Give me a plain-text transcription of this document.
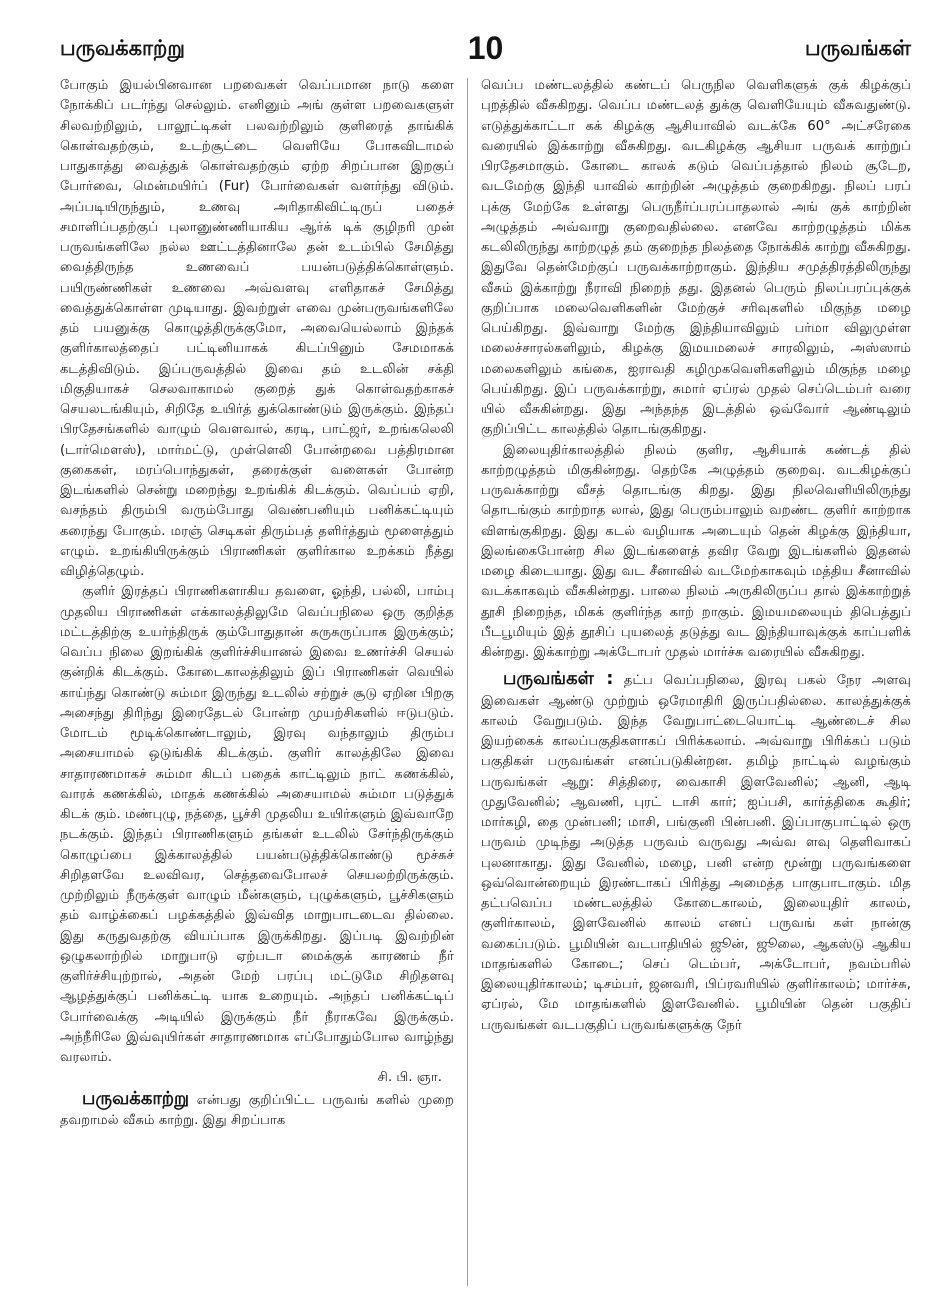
பருவக்காற்று	10	பருவங்கள்

போகும் இயல்பினவான பறவைகள் வெப்பமான நாடு களை நோக்கிப் படர்ந்து செல்லும். எனினும் அங் குள்ள பறவைகளுள் சிலவற்றிலும், பாலூட்டிகள் பலவற்றிலும் குளிரைத் தாங்கிக் கொள்வதற்கும், உடற்சூட்டை வெளியே போகவிடாமல் பாதுகாத்து வைத்துக் கொள்வதற்கும் ஏற்ற சிறப்பான இறகுப் போர்வை, மென்மயிர்ப் (Fur) போர்வைகள் வளர்ந்து விடும். அப்படியிருந்தும், உணவு அரிதாகிவிட்டிருப் பதைச் சமாளிப்பதற்குப் புலானுண்ணியாகிய ஆர்க் டிக் குழிநரி முன் பருவங்களிலே நல்ல ஊட்டத்தினாலே தன் உடம்பில் சேமித்து வைத்திருந்த உணவைப் பயன்படுத்திக்கொள்ளும். பயிருண்ணிகள் உணவை அவ்வளவு எளிதாகச் சேமித்து வைத்துக்கொள்ள முடியாது. இவற்றுள் எவை முன்பருவங்களிலே தம் பயனுக்கு கொழுத்திருக்குமோ, அவையெல்லாம் இந்தக் குளிர்காலத்தைப் பட்டினியாகக் கிடப்பினும் சேமமாகக் கடத்திவிடும். இப்பருவத்தில் இவை தம் உடலின் சக்தி மிகுதியாகச் செலவாகாமல் குறைத் துக் கொள்வதற்காகச் செயலடங்கியும், சிறிதே உயிர்த் துக்கொண்டும் இருக்கும். இந்தப் பிரதேசங்களில் வாழும் வௌவால், கரடி, பாட்ஜர், உறங்கலெலி (டார்மௌஸ்), மார்மட்டு, முள்ளெலி போன்றவை பத்திரமான குகைகள், மரப்பொந்துகள், தரைக்குள் வளைகள் போன்ற இடங்களில் சென்று மறைந்து உறங்கிக் கிடக்கும். வெப்பம் ஏறி, வசந்தம் திரும்பி வரும்போது வெண்பனியும் பனிக்கட்டியும் கரைந்து போகும். மரஞ் செடிகள் திரும்பத் தளிர்த்தும் மூளைத்தும் எழும். உறங்கியிருக்கும் பிராணிகள் குளிர்கால உறக்கம் நீத்து விழித்தெழும்.

குளிர் இரத்தப் பிராணிகளாகிய தவளை, ஓந்தி, பல்லி, பாம்பு முதலிய பிராணிகள் எக்காலத்திலுமே வெப்பநிலை ஒரு குறித்த மட்டத்திற்கு உயர்ந்திருக் கும்போதுதான் சுருசுருப்பாக இருக்கும்; வெப்ப நிலை இறங்கிக் குளிர்ச்சியானல் இவை உணர்ச்சி செயல் குன்றிக் கிடக்கும். கோடைகாலத்திலும் இப் பிராணிகள் வெயில் காய்ந்து கொண்டு சும்மா இருந்து உடலில் சற்றுச் சூடு ஏறின பிறகு அசைந்து திரிந்து இரைதேடல் போன்ற முயற்சிகளில் ஈடுபடும். மோடம் மூடிக்கொண்டாலும், இரவு வந்தாலும் திரும்ப அசையாமல் ஒடுங்கிக் கிடக்கும். குளிர் காலத்திலே இவை சாதாரணமாகச் சும்மா கிடப் பதைக் காட்டிலும் நாட் கணக்கில், வாரக் கணக்கில், மாதக் கணக்கில் அசையாமல் சும்மா படுத்துக் கிடக் கும். மண்புழு, நத்தை, பூச்சி முதலிய உயிர்களும் இவ்வாறே நடக்கும். இந்தப் பிராணிகளும் தங்கள் உடலில் சேர்ந்திருக்கும் கொழுப்பை இக்காலத்தில் பயன்படுத்திக்கொண்டு மூச்சுச் சிறிதளவே உலவிவர, செத்தவைபோலச் செயலற்றிருக்கும். முற்றிலும் நீருக்குள் வாழும் மீன்களும், புழுக்களும், பூச்சிகளும் தம் வாழ்க்கைப் பழக்கத்தில் இவ்வித மாறுபாடடைவ தில்லை. இது கருதுவதற்கு வியப்பாக இருக்கிறது. இப்படி இவற்றின் ஒழுகலாற்றில் மாறுபாடு ஏற்படா மைக்குக் காரணம் நீர் குளிர்ச்சியுற்றால், அதன் மேற் பரப்பு மட்டுமே சிறிதளவு ஆழத்துக்குப் பனிக்கட்டி யாக உறையும். அந்தப் பனிக்கட்டிப் போர்வைக்கு அடியில் இருக்கும் நீர் நீராகவே இருக்கும். அந்நீரிலே இவ்வுயிர்கள் சாதாரணமாக எப்போதும்போல வாழ்ந்து வரலாம்.

சி. பி. ஞா.

பருவக்காற்று என்பது குறிப்பிட்ட பருவங் களில் முறை தவறாமல் வீசும் காற்று. இது சிறப்பாக

வெப்ப மண்டலத்தில் கண்டப் பெருநில வெளிகளுக் குக் கிழக்குப் புறத்தில் வீசுகிறது. வெப்ப மண்டலத் துக்கு வெளியேயும் வீசுவதுண்டு. எடுத்துக்காட்டா கக் கிழக்கு ஆசியாவில் வடக்கே 60° அட்சரேகை வரையில் இக்காற்று வீசுகிறது. வடகிழக்கு ஆசியா பருவக் காற்றுப் பிரதேசமாகும். கோடை காலக் கடும் வெப்பத்தால் நிலம் சூடேற, வடமேற்கு இந்தி யாவில் காற்றின் அழுத்தம் குறைகிறது. நிலப் பரப் புக்கு மேற்கே உள்ளது பெருநீர்ப்பரப்பாதலால் அங் குக் காற்றின் அழுத்தம் அவ்வாறு குறைவதில்லை. எனவே காற்றழுத்தம் மிக்க கடலிலிருந்து காற்றழுத் தம் குறைந்த நிலத்தை நோக்கிக் காற்று வீசுகிறது. இதுவே தென்மேற்குப் பருவக்காற்றாகும். இந்திய சமுத்திரத்திலிருந்து வீசும் இக்காற்று நீராவி நிறைந் தது. இதனல் பெரும் நிலப்பரப்புக்குக் குறிப்பாக மலைவெளிகளின் மேற்குச் சரிவுகளில் மிகுந்த மழை பெய்கிறது. இவ்வாறு மேற்கு இந்தியாவிலும் பர்மா விலுமுள்ள மலைச்சாரல்களிலும், கிழக்கு இமயமலைச் சாரலிலும், அஸ்ஸாம் மலைகளிலும் கங்கை, ஐராவதி கழிமுகவெளிகளிலும் மிகுந்த மழை பெய்கிறது. இப் பருவக்காற்று, சுமார் ஏப்ரல் முதல் செப்டெம்பர் வரை யில் வீசுகின்றது. இது அந்தந்த இடத்தில் ஒவ்வோர் ஆண்டிலும் குறிப்பிட்ட காலத்தில் தொடங்குகிறது.

இலையுதிர்காலத்தில் நிலம் குளிர, ஆசியாக் கண்டத் தில் காற்றழுத்தம் மிகுகின்றது. தெற்கே அழுத்தம் குறைவு. வடகிழக்குப் பருவக்காற்று வீசத் தொடங்கு கிறது. இது நிலவெளியிலிருந்து தொடங்கும் காற்றாத லால், இது பெரும்பாலும் வறண்ட குளிர் காற்றாக விளங்குகிறது. இது கடல் வழியாக அடையும் தென் கிழக்கு இந்தியா, இலங்கைபோன்ற சில இடங்களைத் தவிர வேறு இடங்களில் இதனல் மழை கிடையாது. இது வட சீனாவில் வடமேற்காகவும் மத்திய சீனாவில் வடக்காகவும் வீசுகின்றது. பாலை நிலம் அருகிலிருப்ப தால் இக்காற்றுத் தூசி நிறைந்த, மிகக் குளிர்ந்த காற் றாகும். இமயமலையும் திபெத்துப் பீடபூமியும் இத் தூசிப் புயலைத் தடுத்து வட இந்தியாவுக்குக் காப்பளிக் கின்றது. இக்காற்று அக்டோபர் முதல் மார்ச்சு வரையில் வீசுகிறது.

பருவங்கள் : தட்ப வெப்பநிலை, இரவு பகல் நேர அளவு இவைகள் ஆண்டு முற்றும் ஒரேமாதிரி இருப்பதில்லை. காலத்துக்குக் காலம் வேறுபடும். இந்த வேறுபாட்டையொட்டி ஆண்டைச் சில இயற்கைக் காலப்பகுதிகளாகப் பிரிக்கலாம். அவ்வாறு பிரிக்கப் படும் பகுதிகள் பருவங்கள் எனப்படுகின்றன. தமிழ் நாட்டில் வழங்கும் பருவங்கள் ஆறு: சித்திரை, வைகாசி இளவேனில்; ஆனி, ஆடி முதுவேனில்; ஆவணி, புரட் டாசி கார்; ஐப்பசி, கார்த்திகை கூதிர்; மார்கழி, தை முன்பனி; மாசி, பங்குனி பின்பனி. இப்பாகுபாட்டில் ஒரு பருவம் முடிந்து அடுத்த பருவம் வருவது அவ்வ ளவு தெளிவாகப் புலனாகாது. இது வேனில், மழை, பனி என்ற மூன்று பருவங்களை ஒவ்வொன்றையும் இரண்டாகப் பிரித்து அமைத்த பாகுபாடாகும். மித தட்பவெப்ப மண்டலத்தில் கோடைகாலம், இலையுதிர் காலம், குளிர்காலம், இளவேனில் காலம் எனப் பருவங் கள் நான்கு வகைப்படும். பூமியின் வடபாதியில் ஜூன், ஜூலை, ஆகஸ்டு ஆகிய மாதங்களில் கோடை; செப் டெம்பர், அக்டோபர், நவம்பரில் இலையுதிர்காலம்; டிசம்பர், ஜனவரி, பிப்ரவரியில் குளிர்காலம்; மார்ச்சு, ஏப்ரல், மே மாதங்களில் இளவேனில். பூமியின் தென் பகுதிப் பருவங்கள் வடபகுதிப் பருவங்களுக்கு நேர்
